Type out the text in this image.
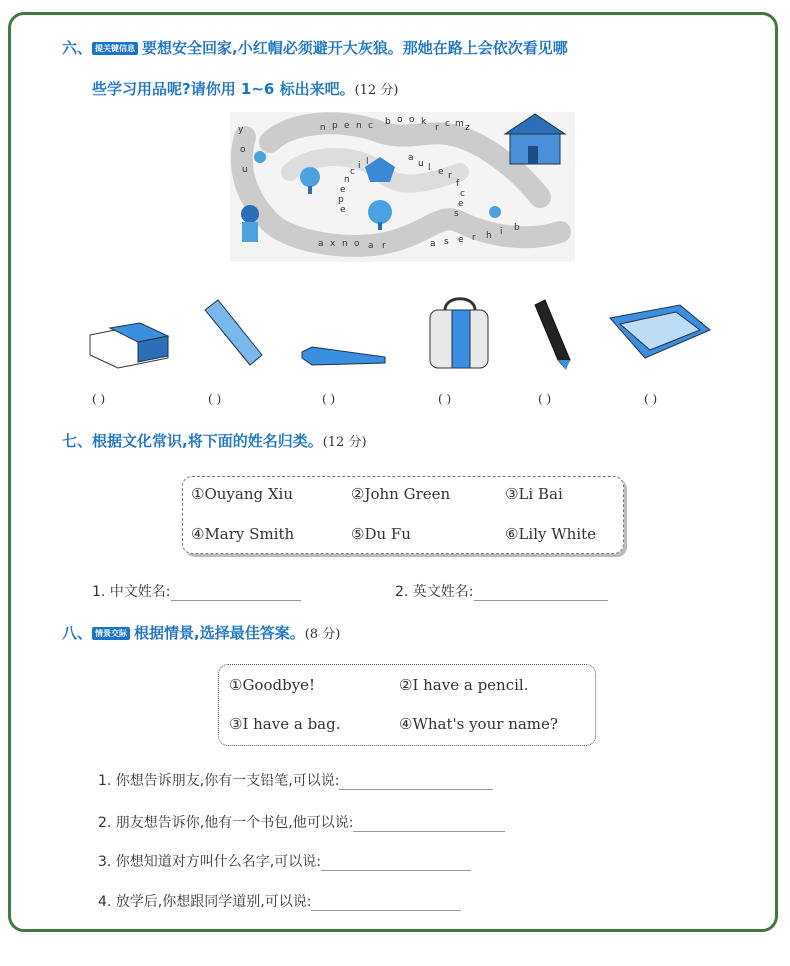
六、 提关键信息 要想安全回家,小红帽必须避开大灰狼。那她在路上会依次看见哪
些学习用品呢?请你用 1~6 标出来吧。(12 分)
y
o
u
n p e n c b o o k
r c m z
a
u l e r
f
c
e
s
e
p
e
n
c
i l
a x n o a r	a s e r h i b
( )	( )	( )	( )	( )	( )
七、根据文化常识,将下面的姓名归类。(12 分)
①Ouyang Xiu	②John Green	③Li Bai
④Mary Smith	⑤Du Fu	⑥Lily White
1. 中文姓名:	2. 英文姓名:
八、 情景交际 根据情景,选择最佳答案。(8 分)
①Goodbye!	②I have a pencil.
③I have a bag.	④What's your name?
1. 你想告诉朋友,你有一支铅笔,可以说:
2. 朋友想告诉你,他有一个书包,他可以说:
3. 你想知道对方叫什么名字,可以说:
4. 放学后,你想跟同学道别,可以说:
